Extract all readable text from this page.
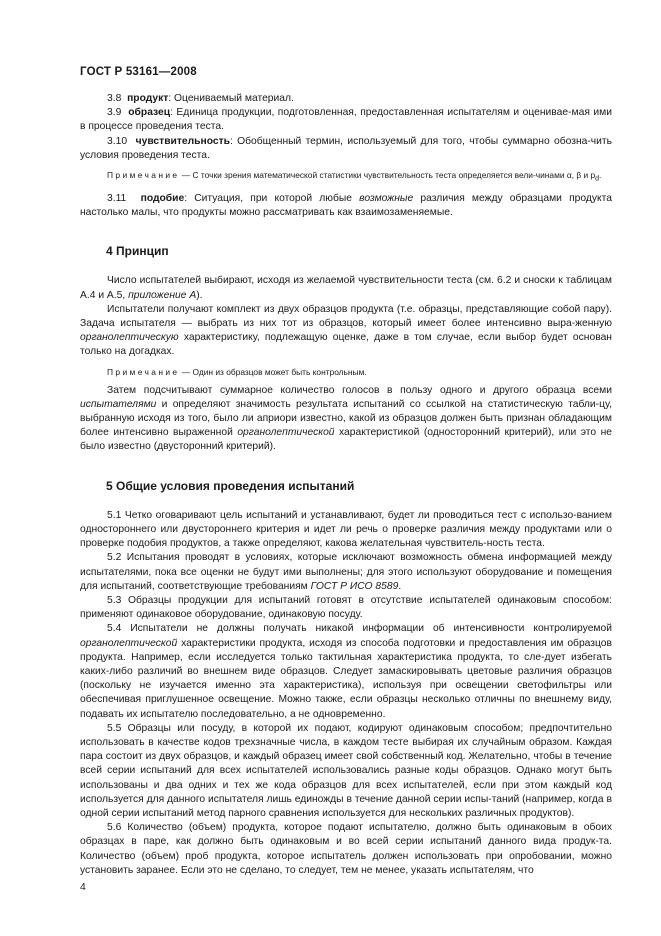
ГОСТ Р 53161—2008

3.8 продукт: Оцениваемый материал.

3.9 образец: Единица продукции, подготовленная, предоставленная испытателям и оценивае-мая ими в процессе проведения теста.

3.10 чувствительность: Обобщенный термин, используемый для того, чтобы суммарно обозна-чить условия проведения теста.

Примечание — С точки зрения математической статистики чувствительность теста определяется вели-чинами α, β и $p_d$.

3.11 подобие: Ситуация, при которой любые возможные различия между образцами продукта настолько малы, что продукты можно рассматривать как взаимозаменяемые.

4 Принцип

Число испытателей выбирают, исходя из желаемой чувствительности теста (см. 6.2 и сноски к таблицам А.4 и А.5, приложение А).

Испытатели получают комплект из двух образцов продукта (т.е. образцы, представляющие собой пару). Задача испытателя — выбрать из них тот из образцов, который имеет более интенсивно выра-женную органолептическую характеристику, подлежащую оценке, даже в том случае, если выбор будет основан только на догадках.

Примечание — Один из образцов может быть контрольным.

Затем подсчитывают суммарное количество голосов в пользу одного и другого образца всеми испытателями и определяют значимость результата испытаний со ссылкой на статистическую табли-цу, выбранную исходя из того, было ли априори известно, какой из образцов должен быть признан обладающим более интенсивно выраженной органолептической характеристикой (односторонний критерий), или это не было известно (двусторонний критерий).

5 Общие условия проведения испытаний

5.1 Четко оговаривают цель испытаний и устанавливают, будет ли проводиться тест с использо-ванием одностороннего или двустороннего критерия и идет ли речь о проверке различия между продуктами или о проверке подобия продуктов, а также определяют, какова желательная чувствитель-ность теста.

5.2 Испытания проводят в условиях, которые исключают возможность обмена информацией между испытателями, пока все оценки не будут ими выполнены; для этого используют оборудование и помещения для испытаний, соответствующие требованиям ГОСТ Р ИСО 8589.

5.3 Образцы продукции для испытаний готовят в отсутствие испытателей одинаковым способом: применяют одинаковое оборудование, одинаковую посуду.

5.4 Испытатели не должны получать никакой информации об интенсивности контролируемой органолептической характеристики продукта, исходя из способа подготовки и предоставления им образцов продукта. Например, если исследуется только тактильная характеристика продукта, то сле-дует избегать каких-либо различий во внешнем виде образцов. Следует замаскировывать цветовые различия образцов (поскольку не изучается именно эта характеристика), используя при освещении светофильтры или обеспечивая приглушенное освещение. Можно также, если образцы несколько отличны по внешнему виду, подавать их испытателю последовательно, а не одновременно.

5.5 Образцы или посуду, в которой их подают, кодируют одинаковым способом; предпочтительно использовать в качестве кодов трехзначные числа, в каждом тесте выбирая их случайным образом. Каждая пара состоит из двух образцов, и каждый образец имеет свой собственный код. Желательно, чтобы в течение всей серии испытаний для всех испытателей использовались разные коды образцов. Однако могут быть использованы и два одних и тех же кода образцов для всех испытателей, если при этом каждый код используется для данного испытателя лишь единожды в течение данной серии испы-таний (например, когда в одной серии испытаний метод парного сравнения используется для нескольких различных продуктов).

5.6 Количество (объем) продукта, которое подают испытателю, должно быть одинаковым в обоих образцах в паре, как должно быть одинаковым и во всей серии испытаний данного вида продук-та. Количество (объем) проб продукта, которое испытатель должен использовать при опробовании, можно установить заранее. Если это не сделано, то следует, тем не менее, указать испытателям, что

4
